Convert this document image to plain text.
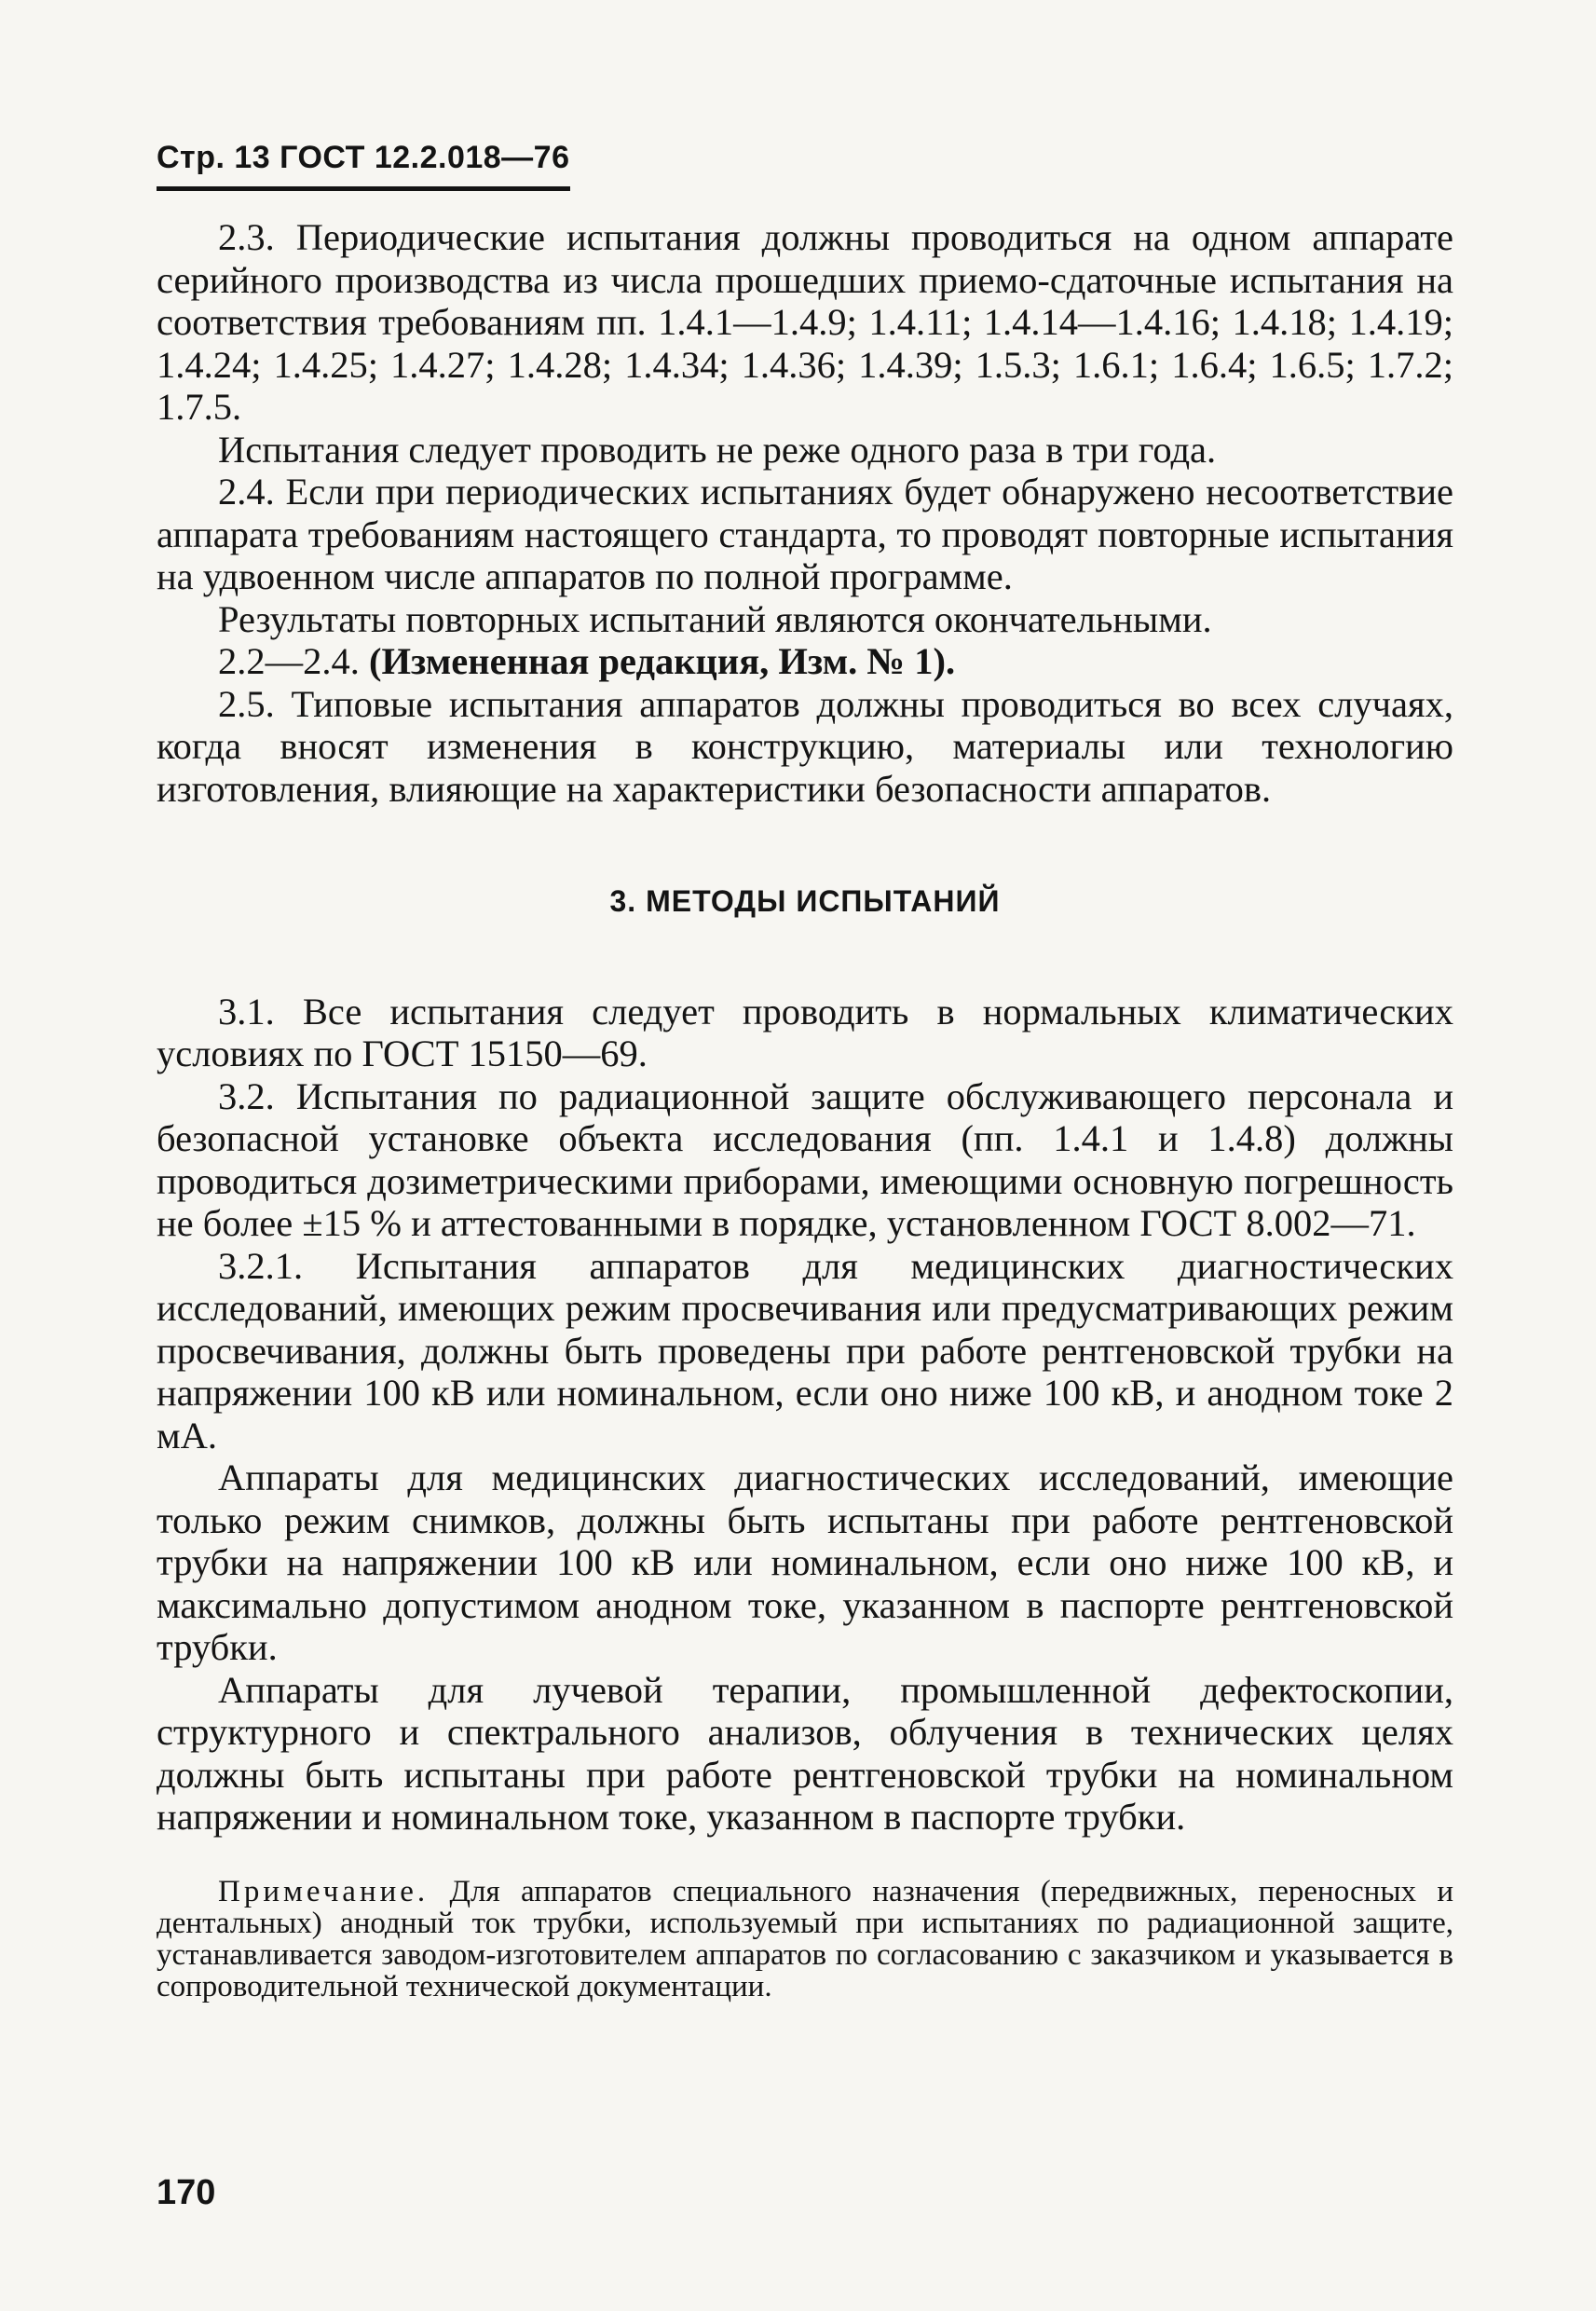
Стр. 13 ГОСТ 12.2.018—76

2.3. Периодические испытания должны проводиться на одном аппарате серийного производства из числа прошедших приемо-сдаточные испытания на соответствия требованиям пп. 1.4.1—1.4.9; 1.4.11; 1.4.14—1.4.16; 1.4.18; 1.4.19; 1.4.24; 1.4.25; 1.4.27; 1.4.28; 1.4.34; 1.4.36; 1.4.39; 1.5.3; 1.6.1; 1.6.4; 1.6.5; 1.7.2; 1.7.5.

Испытания следует проводить не реже одного раза в три года.

2.4. Если при периодических испытаниях будет обнаружено несоответствие аппарата требованиям настоящего стандарта, то проводят повторные испытания на удвоенном числе аппаратов по полной программе.

Результаты повторных испытаний являются окончательными.

2.2—2.4. (Измененная редакция, Изм. № 1).

2.5. Типовые испытания аппаратов должны проводиться во всех случаях, когда вносят изменения в конструкцию, материалы или технологию изготовления, влияющие на характеристики безопасности аппаратов.

3. МЕТОДЫ ИСПЫТАНИЙ

3.1. Все испытания следует проводить в нормальных климатических условиях по ГОСТ 15150—69.

3.2. Испытания по радиационной защите обслуживающего персонала и безопасной установке объекта исследования (пп. 1.4.1 и 1.4.8) должны проводиться дозиметрическими приборами, имеющими основную погрешность не более ±15 % и аттестованными в порядке, установленном ГОСТ 8.002—71.

3.2.1. Испытания аппаратов для медицинских диагностических исследований, имеющих режим просвечивания или предусматривающих режим просвечивания, должны быть проведены при работе рентгеновской трубки на напряжении 100 кВ или номинальном, если оно ниже 100 кВ, и анодном токе 2 мА.

Аппараты для медицинских диагностических исследований, имеющие только режим снимков, должны быть испытаны при работе рентгеновской трубки на напряжении 100 кВ или номинальном, если оно ниже 100 кВ, и максимально допустимом анодном токе, указанном в паспорте рентгеновской трубки.

Аппараты для лучевой терапии, промышленной дефектоскопии, структурного и спектрального анализов, облучения в технических целях должны быть испытаны при работе рентгеновской трубки на номинальном напряжении и номинальном токе, указанном в паспорте трубки.

Примечание. Для аппаратов специального назначения (передвижных, переносных и дентальных) анодный ток трубки, используемый при испытаниях по радиационной защите, устанавливается заводом-изготовителем аппаратов по согласованию с заказчиком и указывается в сопроводительной технической документации.

170
